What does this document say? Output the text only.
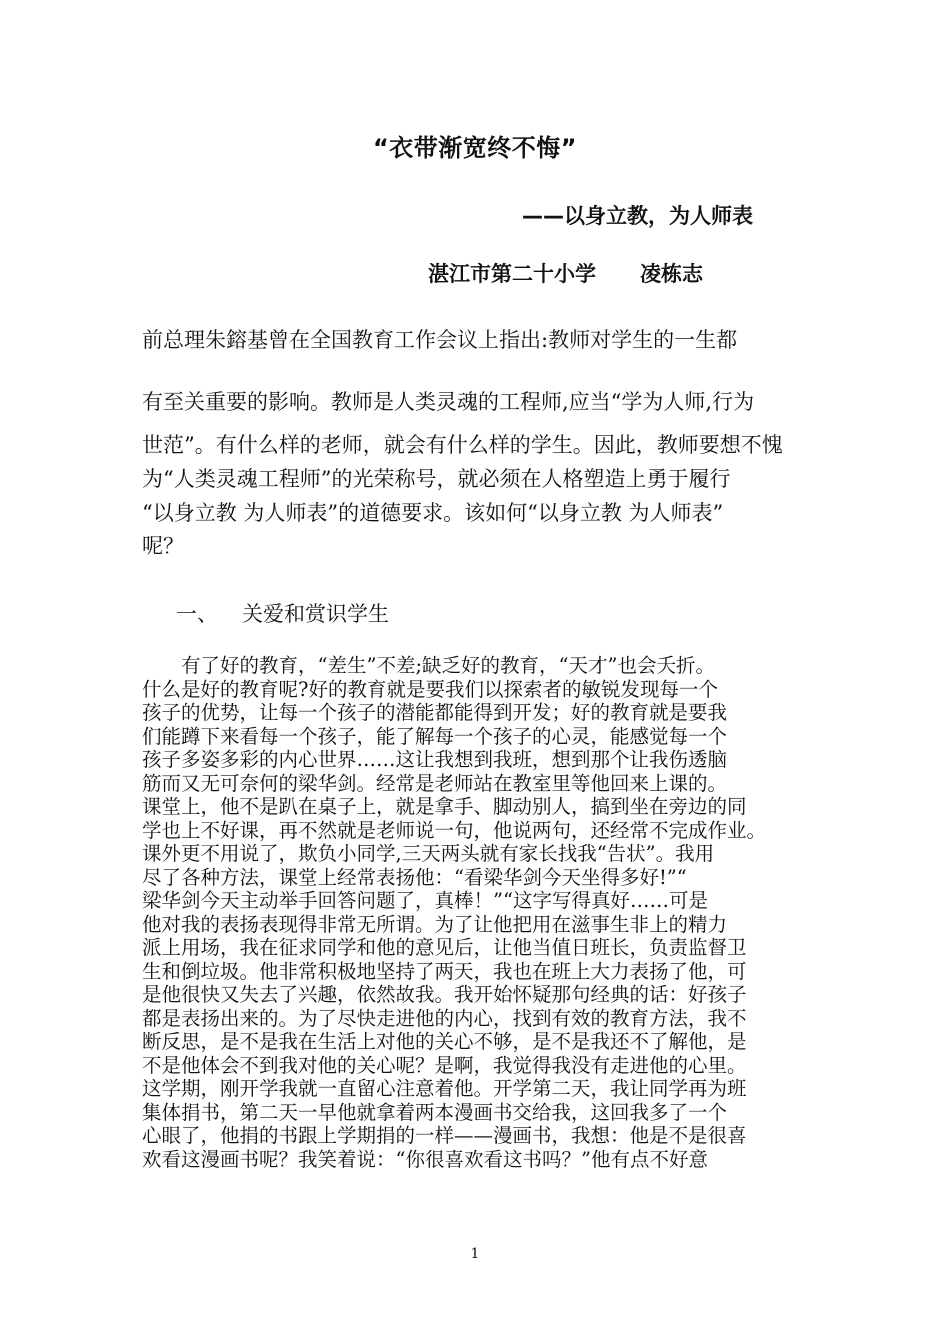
“衣带渐宽终不悔”
——以身立教，为人师表
湛江市第二十小学 凌栋志
前总理朱鎔基曾在全国教育工作会议上指出:教师对学生的一生都
有至关重要的影响。教师是人类灵魂的工程师,应当“学为人师,行为
世范”。有什么样的老师，就会有什么样的学生。因此，教师要想不愧
为“人类灵魂工程师”的光荣称号，就必须在人格塑造上勇于履行
“以身立教 为人师表”的道德要求。该如何“以身立教 为人师表”
呢？
一、 关爱和赏识学生
　　有了好的教育，“差生”不差;缺乏好的教育，“天才”也会夭折。
什么是好的教育呢?好的教育就是要我们以探索者的敏锐发现每一个
孩子的优势，让每一个孩子的潜能都能得到开发；好的教育就是要我
们能蹲下来看每一个孩子，能了解每一个孩子的心灵，能感觉每一个
孩子多姿多彩的内心世界……这让我想到我班，想到那个让我伤透脑
筋而又无可奈何的梁华剑。经常是老师站在教室里等他回来上课的。
课堂上，他不是趴在桌子上，就是拿手、脚动别人，搞到坐在旁边的同
学也上不好课，再不然就是老师说一句，他说两句，还经常不完成作业。
课外更不用说了，欺负小同学,三天两头就有家长找我“告状”。我用
尽了各种方法，课堂上经常表扬他：“看梁华剑今天坐得多好!”“
梁华剑今天主动举手回答问题了，真棒！”“这字写得真好……可是
他对我的表扬表现得非常无所谓。为了让他把用在滋事生非上的精力
派上用场，我在征求同学和他的意见后，让他当值日班长，负责监督卫
生和倒垃圾。他非常积极地坚持了两天，我也在班上大力表扬了他，可
是他很快又失去了兴趣，依然故我。我开始怀疑那句经典的话：好孩子
都是表扬出来的。为了尽快走进他的内心，找到有效的教育方法，我不
断反思，是不是我在生活上对他的关心不够，是不是我还不了解他，是
不是他体会不到我对他的关心呢？是啊，我觉得我没有走进他的心里。
这学期，刚开学我就一直留心注意着他。开学第二天，我让同学再为班
集体捐书，第二天一早他就拿着两本漫画书交给我，这回我多了一个
心眼了，他捐的书跟上学期捐的一样——漫画书，我想：他是不是很喜
欢看这漫画书呢？我笑着说：“你很喜欢看这书吗？”他有点不好意
1
